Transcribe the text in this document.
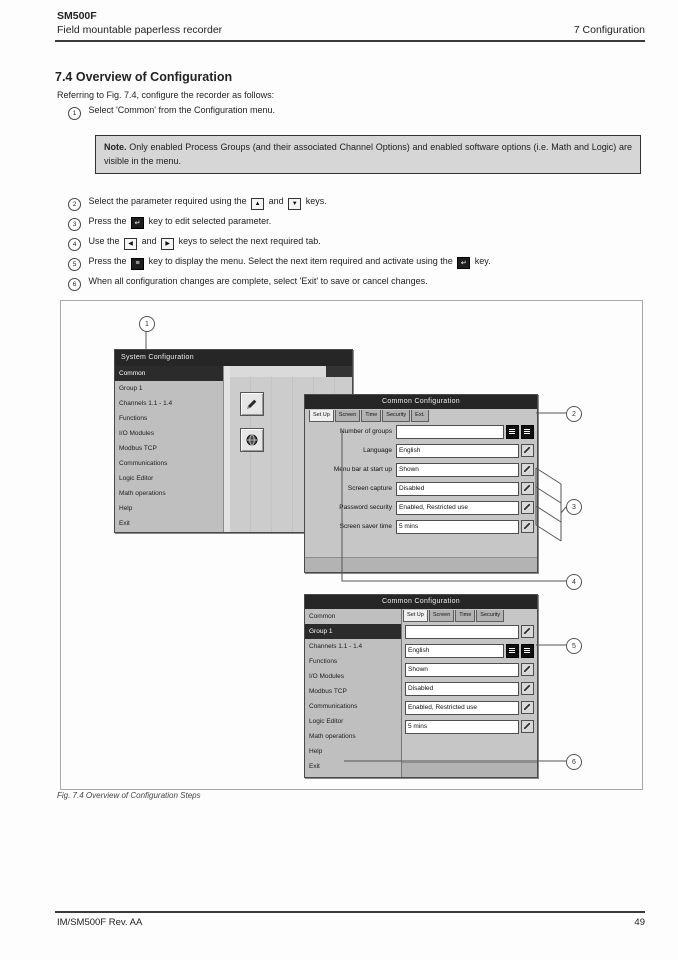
SM500F
Field mountable paperless recorder	7 Configuration
7.4 Overview of Configuration
Referring to Fig. 7.4, configure the recorder as follows:
1 Select 'Common' from the Configuration menu.
Note. Only enabled Process Groups (and their associated Channel Options) and enabled software options (i.e. Math and Logic) are visible in the menu.
2 Select the parameter required using the ▲ and ▼ keys.
3 Press the ↵ key to edit selected parameter.
4 Use the ◀ and ▶ keys to select the next required tab.
5 Press the ≡ key to display the menu. Select the next item required and activate using the ↵ key.
6 When all configuration changes are complete, select 'Exit' to save or cancel changes.
System Configuration
Common
Group 1
Channels 1.1 - 1.4
Functions
I/O Modules
Modbus TCP
Communications
Logic Editor
Math operations
Help
Exit
Common Configuration
Set Up	Screen	Time	Security	Ext.
Number of groups
Language	English
Menu bar at start up	Shown
Screen capture	Disabled
Password security	Enabled, Restricted use
Screen saver time	5 mins
Common Configuration
Set Up	Screen	Time	Security
English
Shown
Disabled
Enabled, Restricted use
5 mins
Common
Group 1
Channels 1.1 - 1.4
Functions
I/O Modules
Modbus TCP
Communications
Logic Editor
Math operations
Help
Exit
1
2
3
4
5
6
Fig. 7.4 Overview of Configuration Steps
IM/SM500F Rev. AA	49
